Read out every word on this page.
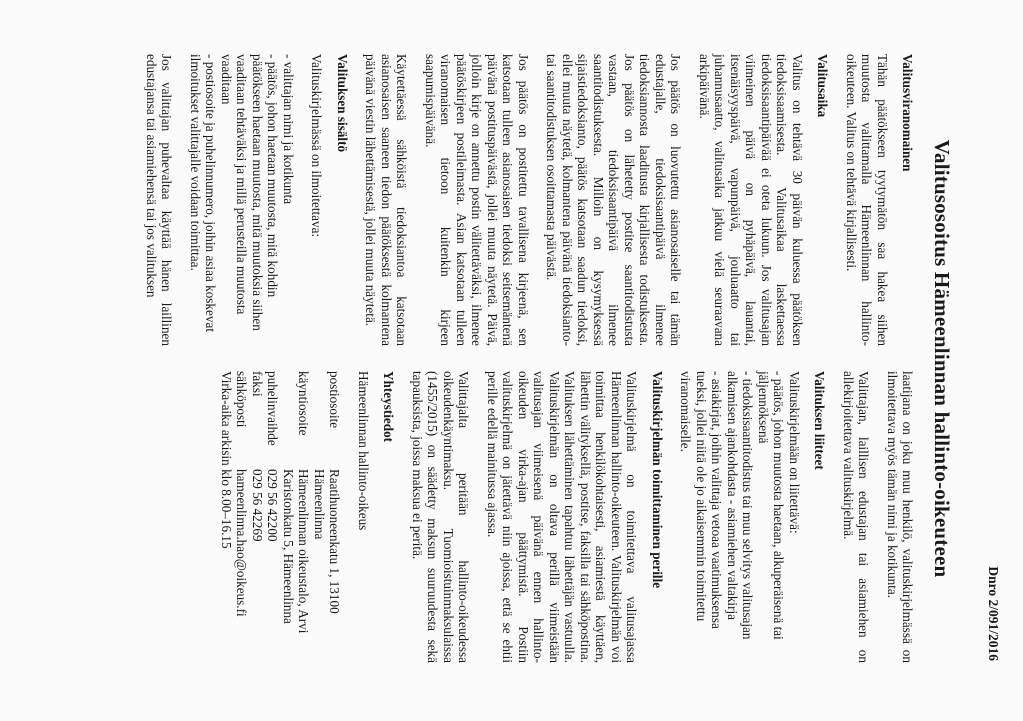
Dnro 2/091/2016
Valitusosoitus Hämeenlinnan hallinto-oikeuteen
Valitusviranomainen

Tähän päätökseen tyytymätön saa hakea siihen muutosta valittamalla Hämeenlinnan hallinto-oikeuteen. Valitus on tehtävä kirjallisesti.

Valitusaika

Valitus on tehtävä 30 päivän kuluessa päätöksen tiedoksisaamisesta. Valitusaikaa laskettaessa tiedoksisaantipäivää ei oteta lukuun. Jos valitusajan viimeinen päivä on pyhäpäivä, lauantai, itsenäisyyspäivä, vapunpäivä, jouluaatto tai juhannusaatto, valitusaika jatkuu vielä seuraavana arkipäivänä.

Jos päätös on luovutettu asianosaiselle tai tämän edustajalle, tiedoksisaantipäivä ilmenee tiedoksiannosta laaditusta kirjallisesta todistuksesta. Jos päätös on lähetetty postitse saantitodistusta vastaan, tiedoksisaantipäivä ilmenee saantitodistuksesta. Milloin on kysymyksessä sijaistiedoksianto, päätös katsotaan saadun tiedoksi, ellei muuta näytetä, kolmantena päivänä tiedoksianto- tai saantitodistuksen osoittamasta päivästä.

Jos päätös on postitettu tavallisena kirjeenä, sen katsotaan tulleen asianosaisen tiedoksi seitsemäntenä päivänä postituspäivästä, jollei muuta näytetä. Päivä, jolloin kirje on annettu postin välitettäväksi, ilmenee päätöskirjeen postileimasta. Asian katsotaan tulleen viranomaisen tietoon kuitenkin kirjeen saapumispäivänä.

Käytettäessä sähköistä tiedoksiantoa katsotaan asianosaisen saaneen tiedon päätöksestä kolmantena päivänä viestin lähettämisestä, jollei muuta näytetä.

Valituksen sisältö

Valituskirjelmässä on ilmoitettava:

- valittajan nimi ja kotikunta
- päätös, johon haetaan muutosta, mitä kohdin päätökseen haetaan muutosta, mitä muutoksia siihen vaaditaan tehtäväksi ja millä perusteilla muutosta vaaditaan
- postiosoite ja puhelinnumero, joihin asiaa koskevat ilmoitukset valittajalle voidaan toimittaa.

Jos valittajan puhevaltaa käyttää hänen laillinen edustajansa tai asiamiehensä tai jos valituksen

laatijana on joku muu henkilö, valituskirjelmässä on ilmoitettava myös tämän nimi ja kotikunta.

Valittajan, laillisen edustajan tai asiamiehen on allekirjoitettava valituskirjelmä.

Valituksen liitteet
Valituskirjelmään on liitettävä:
- päätös, johon muutosta haetaan, alkuperäisenä tai jäljennöksenä
- tiedoksisaantitodistus tai muu selvitys valitusajan alkamisen ajankohdasta - asiamiehen valtakirja
- asiakirjat, joihin valittaja vetoaa vaatimuksensa tueksi, jollei niitä ole jo aikaisemmin toimitettu viranomaiselle.
Valituskirjelmän toimittaminen perille

Valituskirjelmä on toimitettava valitusajassa Hämeenlinnan hallinto-oikeuteen. Valituskirjelmän voi toimittaa henkilökohtaisesti, asiamiestä käyttäen, lähettin välityksellä, postitse, faksilla tai sähköpostina. Valituksen lähettäminen tapahtuu lähettäjän vastuulla. Valituskirjelmän on oltava perillä viimeistään valitusajan viimeisenä päivänä ennen hallinto-oikeuden virka-ajan päättymistä. Postiin valituskirjelmä on jätettävä niin ajoissa, että se ehtii perille edellä mainitussa ajassa.

Valittajalta peritään hallinto-oikeudessa oikeudenkäyntimaksu. Tuomioistuinmaksulaissa (1455/2015) on säädetty maksun suuruudesta sekä tapauksista, joissa maksua ei peritä.

Yhteystiedot

Hämeenlinnan hallinto-oikeus

postiosoite	Raatihuoneenkatu 1, 13100 Hämeenlinna
käyntiosoite	Hämeenlinnan oikeustalo, Arvi Karistonkatu 5, Hämeenlinna
puhelinvaihde	029 56 42200
faksi	029 56 42269
sähköposti	hameenlinna.hao@oikeus.fi
Virka-aika arkisin klo 8.00–16.15	
